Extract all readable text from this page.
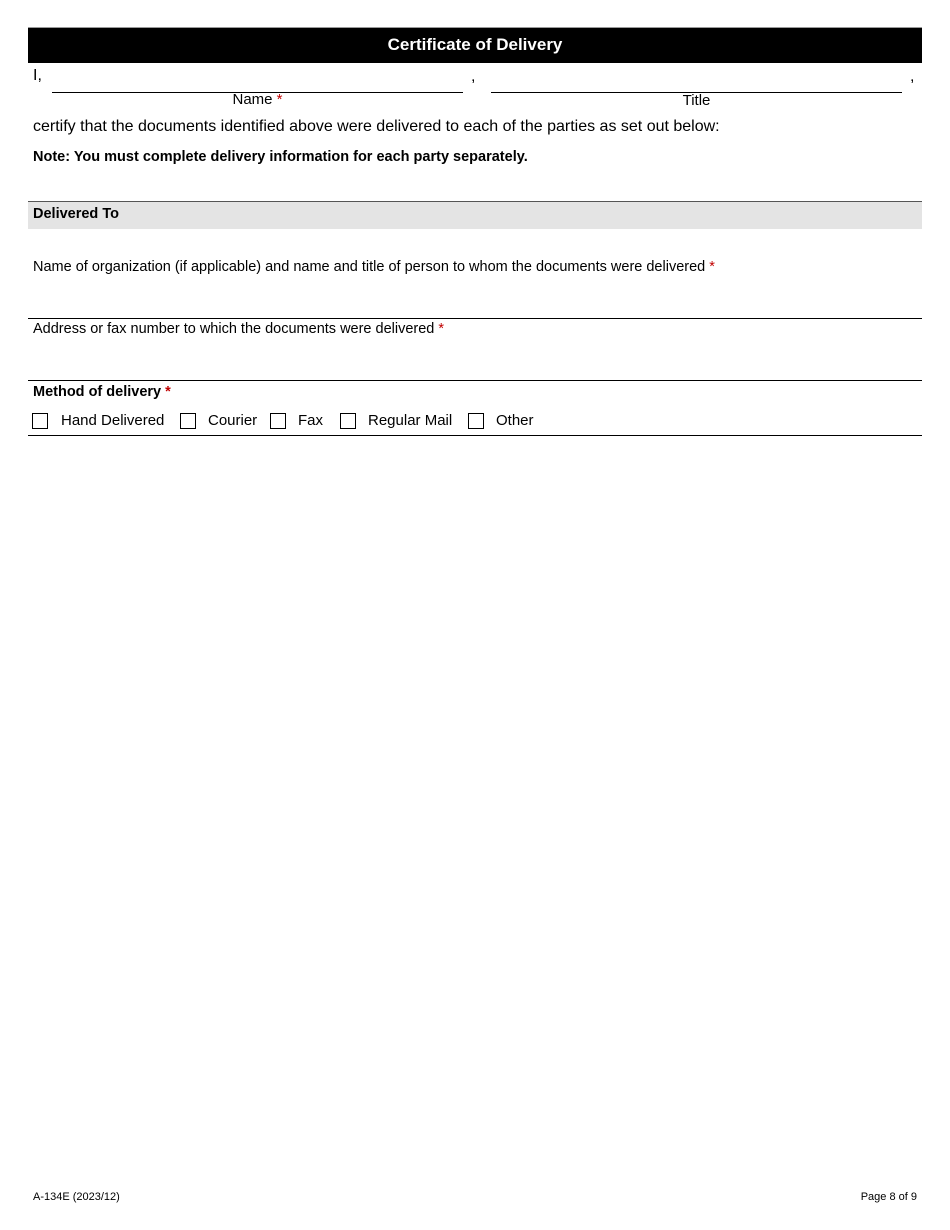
Certificate of Delivery
I,	,	,
Name *	Title
certify that the documents identified above were delivered to each of the parties as set out below:
Note: You must complete delivery information for each party separately.
Delivered To
Name of organization (if applicable) and name and title of person to whom the documents were delivered *
Address or fax number to which the documents were delivered *
Method of delivery *
Hand Delivered	Courier	Fax	Regular Mail	Other
A-134E (2023/12)	Page 8 of 9
